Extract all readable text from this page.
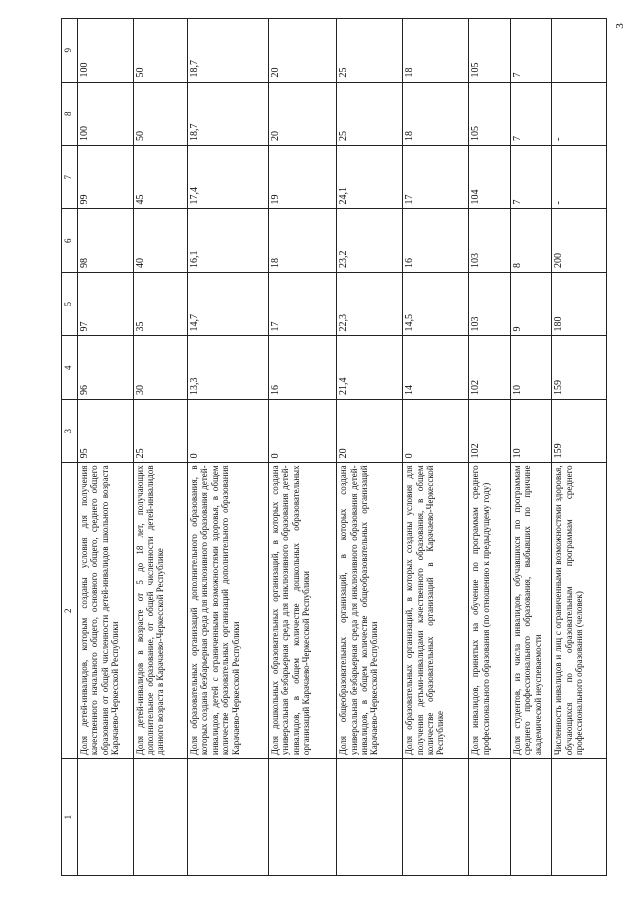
3
1	2	3	4	5	6	7	8	9
	Доля детей-инвалидов, которым созданы условия для получения качественного начального общего, основного общего, среднего общего образования от общей численности детей-инвалидов школьного возраста Карачаево-Черкесской Республики	95	96	97	98	99	100	100
	Доля детей-инвалидов в возрасте от 5 до 18 лет, получающих дополнительное образование, от общей численности детей-инвалидов данного возраста в Карачаево-Черкесской Республике	25	30	35	40	45	50	50
	Доля образовательных организаций дополнительного образования, в которых создана безбарьерная среда для инклюзивного образования детей-инвалидов, детей с ограниченными возможностями здоровья, в общем количестве образовательных организаций дополнительного образования Карачаево-Черкесской Республики	0	13,3	14,7	16,1	17,4	18,7	18,7
	Доля дошкольных образовательных организаций, в которых создана универсальная безбарьерная среда для инклюзивного образования детей-инвалидов, в общем количестве дошкольных образовательных организаций Карачаево-Черкесской Республики	0	16	17	18	19	20	20
	Доля общеобразовательных организаций, в которых создана универсальная безбарьерная среда для инклюзивного образования детей-инвалидов, в общем количестве общеобразовательных организаций Карачаево-Черкесской Республики	20	21,4	22,3	23,2	24,1	25	25
	Доля образовательных организаций, в которых созданы условия для получения детьми-инвалидами качественного образования, в общем количестве образовательных организаций в Карачаево-Черкесской Республике	0	14	14,5	16	17	18	18
	Доля инвалидов, принятых на обучение по программам среднего профессионального образования (по отношению к предыдущему году)	102	102	103	103	104	105	105
	Доля студентов, из числа инвалидов, обучавшихся по программам среднего профессионального образования, выбывших по причине академической неуспеваемости	10	10	9	8	7	7	7
	Численность инвалидов и лиц с ограниченными возможностями здоровья, обучающихся по образовательным программам среднего профессионального образования (человек)	159	159	180	200	-	-	
